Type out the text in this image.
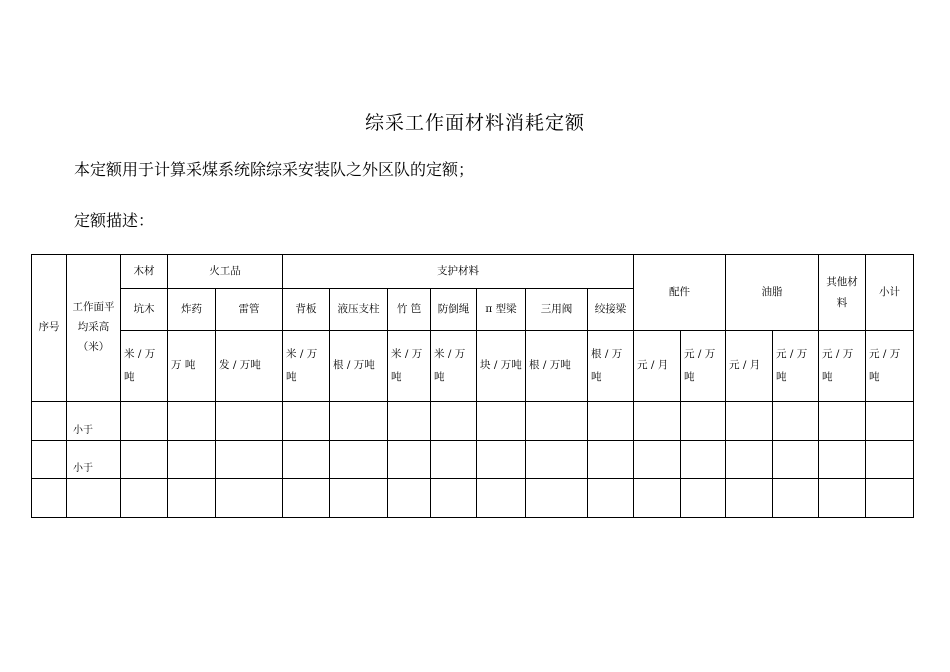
综采工作面材料消耗定额
本定额用于计算采煤系统除综采安装队之外区队的定额；
定额描述：
序号	工作面平均采高（米）	木材	火工品		支护材料							配件		油脂		其他材料	小计
		坑木	炸药	雷管	背板	液压支柱	竹 笆	防倒绳	π 型梁	三用阀	绞接梁						
		米 / 万吨	万 吨	发 / 万吨	米 / 万吨	根 / 万吨	米 / 万吨	米 / 万吨	块 / 万吨	根 / 万吨	根 / 万吨	元 / 月	元 / 万吨	元 / 月	元 / 万吨	元 / 万吨	元 / 万吨
	小于																
	小于																
